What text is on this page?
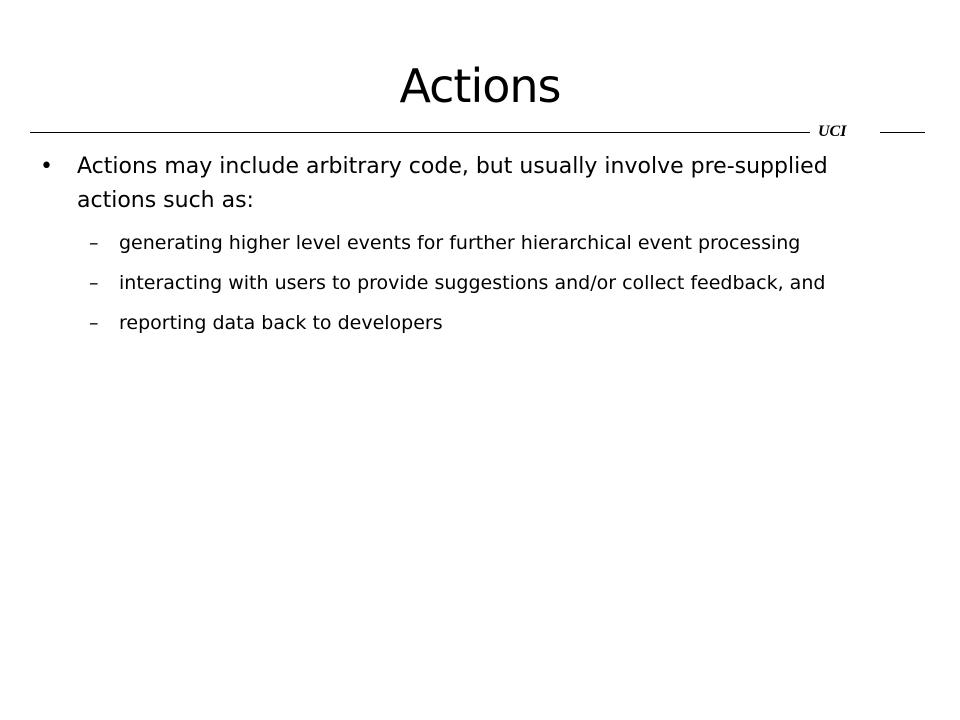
Actions
UCI
• Actions may include arbitrary code, but usually involve pre-supplied actions such as:
– generating higher level events for further hierarchical event processing
– interacting with users to provide suggestions and/or collect feedback, and
– reporting data back to developers
